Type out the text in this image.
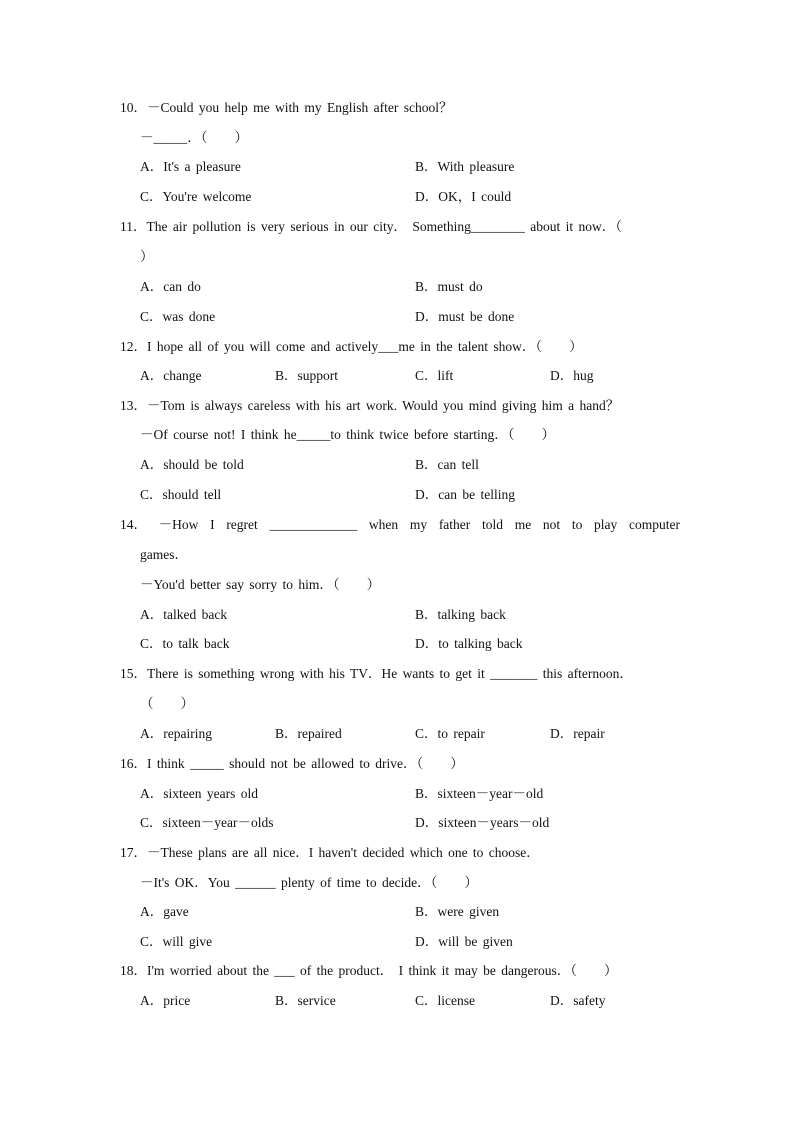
10．－Could you help me with my English after school？
－_____．（　　）
A．It's a pleasure	B．With pleasure
C．You're welcome	D．OK，I could
11．The air pollution is very serious in our city． Something________ about it now．（
）
A．can do	B．must do
C．was done	D．must be done
12．I hope all of you will come and actively___me in the talent show．（　　）
A．change	B．support	C．lift	D．hug
13．－Tom is always careless with his art work. Would you mind giving him a hand？
－Of course not! I think he_____to think twice before starting．（　　）
A．should be told	B．can tell
C．should tell	D．can be telling
14． －How I regret _____________ when my father told me not to play computer
games．
－You'd better say sorry to him．（　　）
A．talked back	B．talking back
C．to talk back	D．to talking back
15．There is something wrong with his TV．He wants to get it _______ this afternoon．
（　　）
A．repairing	B．repaired	C．to repair	D．repair
16．I think _____ should not be allowed to drive．（　　）
A．sixteen years old	B．sixteen－year－old
C．sixteen－year－olds	D．sixteen－years－old
17．－These plans are all nice．I haven't decided which one to choose．
－It's OK．You ______ plenty of time to decide．（　　）
A．gave	B．were given
C．will give	D．will be given
18．I'm worried about the ___ of the product． I think it may be dangerous．（　　）
A．price	B．service	C．license	D．safety
